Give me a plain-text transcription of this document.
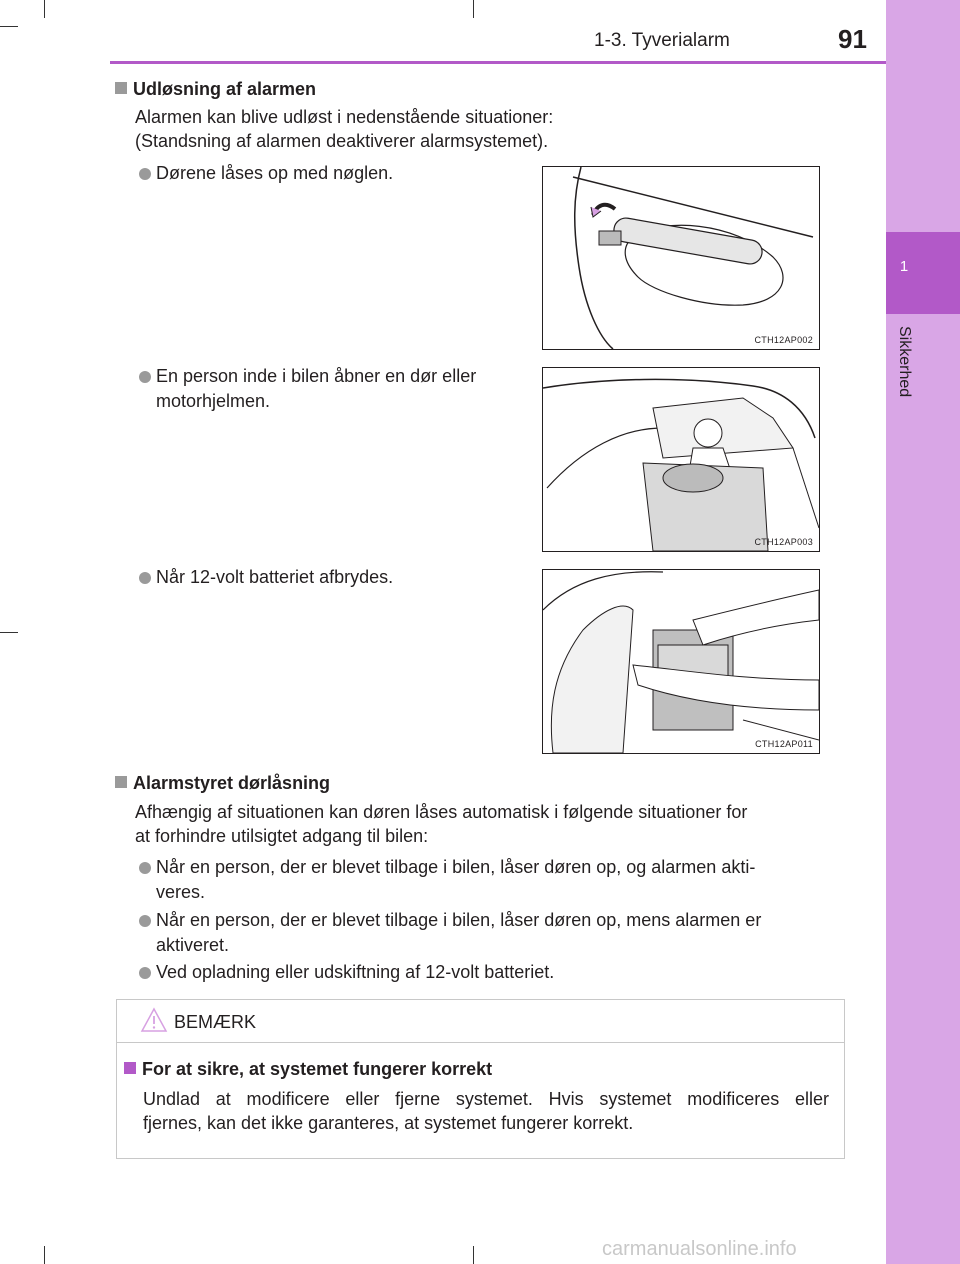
1-3. Tyverialarm	91
1
Sikkerhed
Udløsning af alarmen
Alarmen kan blive udløst i nedenstående situationer:
(Standsning af alarmen deaktiverer alarmsystemet).
Dørene låses op med nøglen.
CTH12AP002
En person inde i bilen åbner en dør eller
motorhjelmen.
CTH12AP003
Når 12-volt batteriet afbrydes.
CTH12AP011
Alarmstyret dørlåsning
Afhængig af situationen kan døren låses automatisk i følgende situationer for
at forhindre utilsigtet adgang til bilen:
Når en person, der er blevet tilbage i bilen, låser døren op, og alarmen akti-
veres.
Når en person, der er blevet tilbage i bilen, låser døren op, mens alarmen er
aktiveret.
Ved opladning eller udskiftning af 12-volt batteriet.
BEMÆRK
For at sikre, at systemet fungerer korrekt
Undlad at modificere eller fjerne systemet. Hvis systemet modificeres eller
fjernes, kan det ikke garanteres, at systemet fungerer korrekt.
carmanualsonline.info
